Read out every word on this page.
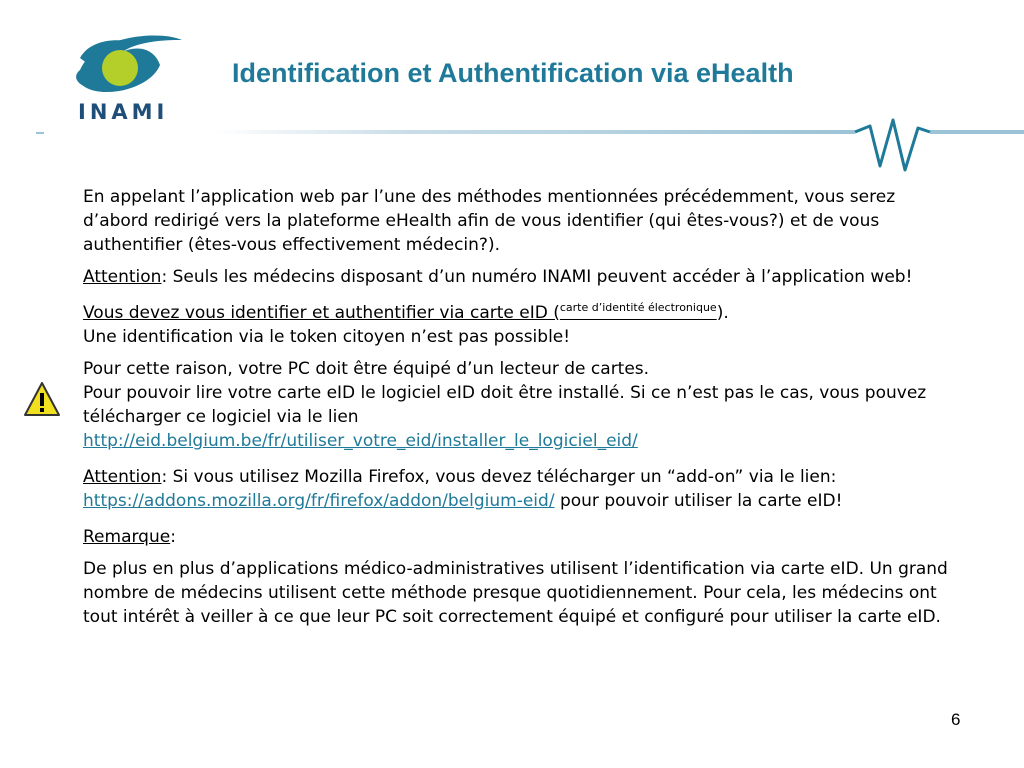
INAMI
Identification et Authentification via eHealth

En appelant l’application web par l’une des méthodes mentionnées précédemment, vous serez d’abord redirigé vers la plateforme eHealth afin de vous identifier (qui êtes-vous?) et de vous authentifier (êtes-vous effectivement médecin?).

Attention: Seuls les médecins disposant d’un numéro INAMI peuvent accéder à l’application web!

Vous devez vous identifier et authentifier via carte eID ($^{carte d’identité électronique}$).

Une identification via le token citoyen n’est pas possible!

Pour cette raison, votre PC doit être équipé d’un lecteur de cartes.

Pour pouvoir lire votre carte eID le logiciel eID doit être installé. Si ce n’est pas le cas, vous pouvez télécharger ce logiciel via le lien
http://eid.belgium.be/fr/utiliser_votre_eid/installer_le_logiciel_eid/

Attention: Si vous utilisez Mozilla Firefox, vous devez télécharger un “add-on” via le lien: https://addons.mozilla.org/fr/firefox/addon/belgium-eid/ pour pouvoir utiliser la carte eID!

Remarque:

De plus en plus d’applications médico-administratives utilisent l’identification via carte eID. Un grand nombre de médecins utilisent cette méthode presque quotidiennement. Pour cela, les médecins ont tout intérêt à veiller à ce que leur PC soit correctement équipé et configuré pour utiliser la carte eID.

6
